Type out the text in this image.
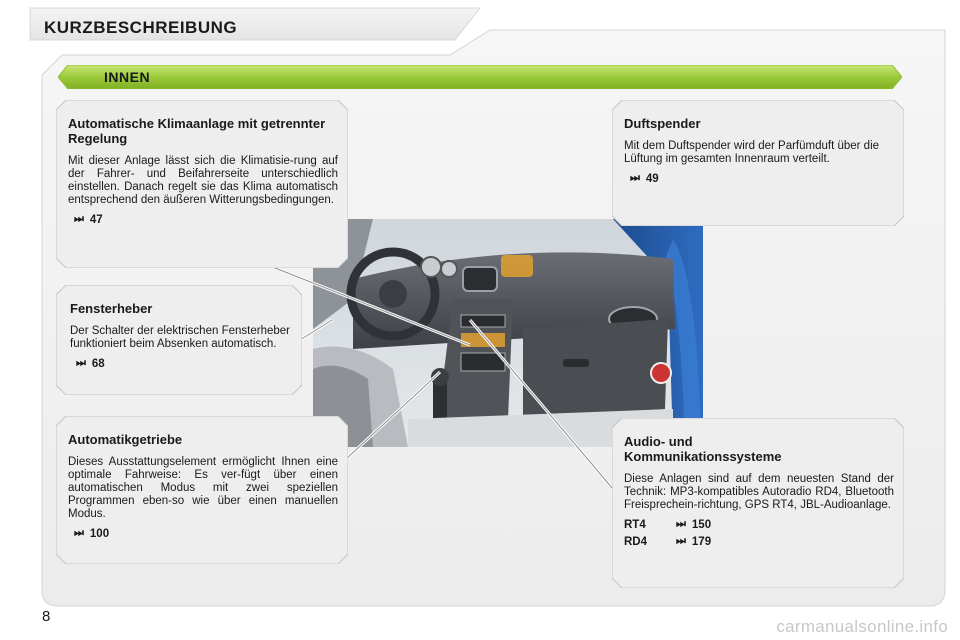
KURZBESCHREIBUNG
INNEN
Automatische Klimaanlage mit getrennter Regelung

Mit dieser Anlage lässt sich die Klimatisie-rung auf der Fahrer- und Beifahrerseite unterschiedlich einstellen. Danach regelt sie das Klima automatisch entsprechend den äußeren Witterungsbedingungen.

⏭ 47
Fensterheber

Der Schalter der elektrischen Fensterheber funktioniert beim Absenken automatisch.

⏭ 68
Automatikgetriebe

Dieses Ausstattungselement ermöglicht Ihnen eine optimale Fahrweise: Es ver-fügt über einen automatischen Modus mit zwei speziellen Programmen eben-so wie über einen manuellen Modus.

⏭ 100
Duftspender

Mit dem Duftspender wird der Parfümduft über die Lüftung im gesamten Innenraum verteilt.

⏭ 49
Audio- und Kommunikationssysteme

Diese Anlagen sind auf dem neuesten Stand der Technik: MP3-kompatibles Autoradio RD4, Bluetooth Freisprechein-richtung, GPS RT4, JBL-Audioanlage.

RT4	⏭ 150
RD4	⏭ 179
8
carmanualsonline.info
